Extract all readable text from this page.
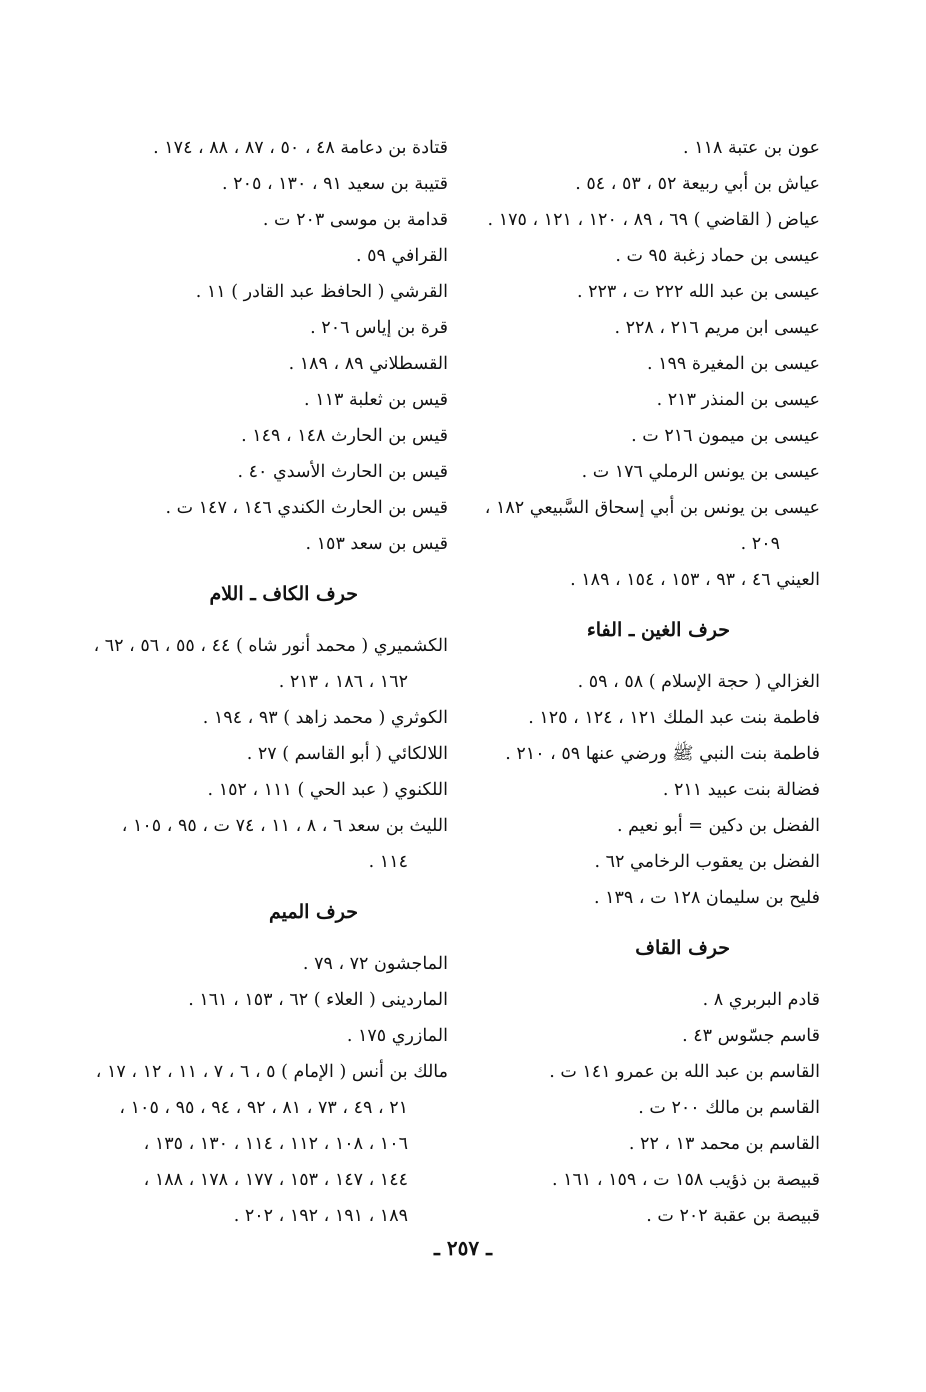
عون بن عتبة ١١٨ .
عياش بن أبي ربيعة ٥٢ ، ٥٣ ، ٥٤ .
عياض ( القاضي ) ٦٩ ، ٨٩ ، ١٢٠ ، ١٢١ ، ١٧٥ .
عيسى بن حماد زغبة ٩٥ ت .
عيسى بن عبد الله ٢٢٢ ت ، ٢٢٣ .
عيسى ابن مريم ٢١٦ ، ٢٢٨ .
عيسى بن المغيرة ١٩٩ .
عيسى بن المنذر ٢١٣ .
عيسى بن ميمون ٢١٦ ت .
عيسى بن يونس الرملي ١٧٦ ت .
عيسى بن يونس بن أبي إسحاق السَّبيعي ١٨٢ ،
٢٠٩ .
العيني ٤٦ ، ٩٣ ، ١٥٣ ، ١٥٤ ، ١٨٩ .
حرف الغين ـ الفاء
الغزالي ( حجة الإسلام ) ٥٨ ، ٥٩ .
فاطمة بنت عبد الملك ١٢١ ، ١٢٤ ، ١٢٥ .
فاطمة بنت النبي ﷺ ورضي عنها ٥٩ ، ٢١٠ .
فضالة بنت عبيد ٢١١ .
الفضل بن دكين = أبو نعيم .
الفضل بن يعقوب الرخامي ٦٢ .
فليح بن سليمان ١٢٨ ت ، ١٣٩ .
حرف القاف
قادم البربري ٨ .
قاسم جسّوس ٤٣ .
القاسم بن عبد الله بن عمرو ١٤١ ت .
القاسم بن مالك ٢٠٠ ت .
القاسم بن محمد ١٣ ، ٢٢ .
قبيصة بن ذؤيب ١٥٨ ت ، ١٥٩ ، ١٦١ .
قبيصة بن عقبة ٢٠٢ ت .
قتادة بن دعامة ٤٨ ، ٥٠ ، ٨٧ ، ٨٨ ، ١٧٤ .
قتيبة بن سعيد ٩١ ، ١٣٠ ، ٢٠٥ .
قدامة بن موسى ٢٠٣ ت .
القرافي ٥٩ .
القرشي ( الحافظ عبد القادر ) ١١ .
قرة بن إياس ٢٠٦ .
القسطلاني ٨٩ ، ١٨٩ .
قيس بن ثعلبة ١١٣ .
قيس بن الحارث ١٤٨ ، ١٤٩ .
قيس بن الحارث الأسدي ٤٠ .
قيس بن الحارث الكندي ١٤٦ ، ١٤٧ ت .
قيس بن سعد ١٥٣ .
حرف الكاف ـ اللام
الكشميري ( محمد أنور شاه ) ٤٤ ، ٥٥ ، ٥٦ ، ٦٢ ،
١٦٢ ، ١٨٦ ، ٢١٣ .
الكوثري ( محمد زاهد ) ٩٣ ، ١٩٤ .
اللالكائي ( أبو القاسم ) ٢٧ .
اللكنوي ( عبد الحي ) ١١١ ، ١٥٢ .
الليث بن سعد ٦ ، ٨ ، ١١ ، ٧٤ ت ، ٩٥ ، ١٠٥ ،
١١٤ .
حرف الميم
الماجشون ٧٢ ، ٧٩ .
الماردينى ( العلاء ) ٦٢ ، ١٥٣ ، ١٦١ .
المازري ١٧٥ .
مالك بن أنس ( الإمام ) ٥ ، ٦ ، ٧ ، ١١ ، ١٢ ، ١٧ ،
٢١ ، ٤٩ ، ٧٣ ، ٨١ ، ٩٢ ، ٩٤ ، ٩٥ ، ١٠٥ ،
١٠٦ ، ١٠٨ ، ١١٢ ، ١١٤ ، ١٣٠ ، ١٣٥ ،
١٤٤ ، ١٤٧ ، ١٥٣ ، ١٧٧ ، ١٧٨ ، ١٨٨ ،
١٨٩ ، ١٩١ ، ١٩٢ ، ٢٠٢ .
ـ ٢٥٧ ـ
